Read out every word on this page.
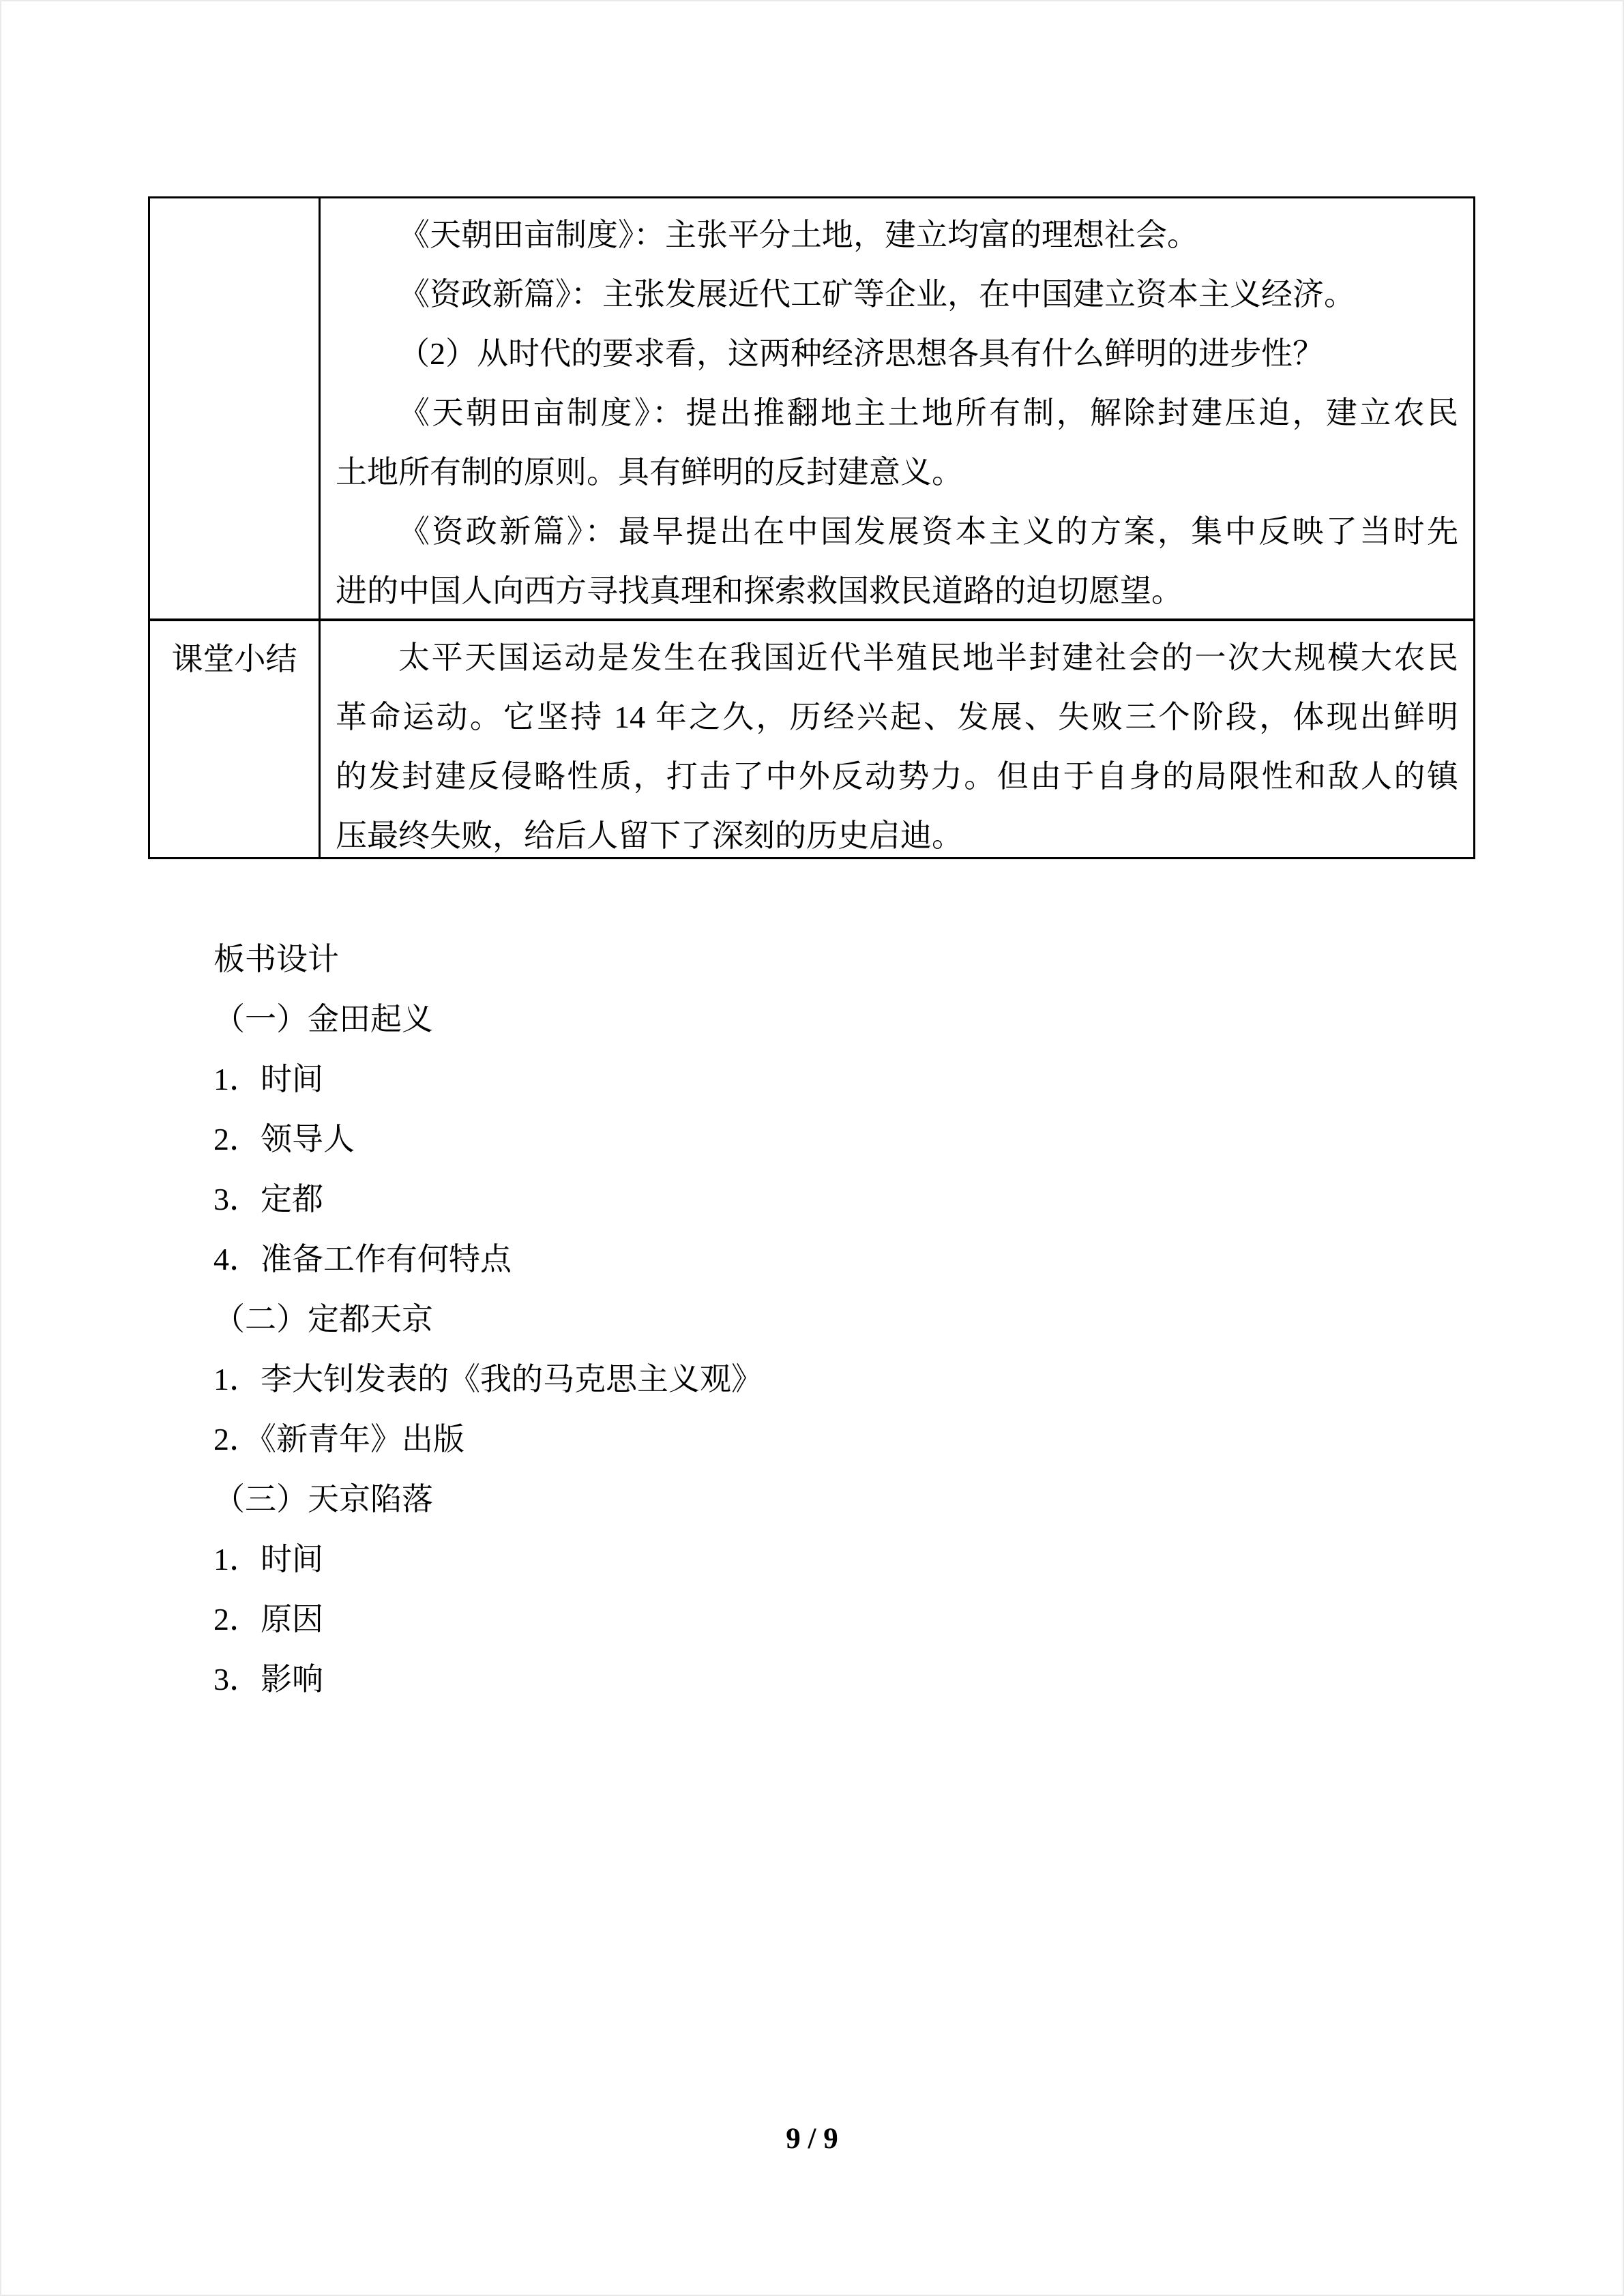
《天朝田亩制度》：主张平分土地，建立均富的理想社会。
《资政新篇》：主张发展近代工矿等企业，在中国建立资本主义经济。
（2）从时代的要求看，这两种经济思想各具有什么鲜明的进步性？
《天朝田亩制度》：提出推翻地主土地所有制，解除封建压迫，建立农民
土地所有制的原则。具有鲜明的反封建意义。
《资政新篇》：最早提出在中国发展资本主义的方案，集中反映了当时先
进的中国人向西方寻找真理和探索救国救民道路的迫切愿望。
课堂小结	太平天国运动是发生在我国近代半殖民地半封建社会的一次大规模大农民
革命运动。它坚持 14 年之久，历经兴起、发展、失败三个阶段，体现出鲜明
的发封建反侵略性质，打击了中外反动势力。但由于自身的局限性和敌人的镇
压最终失败，给后人留下了深刻的历史启迪。
板书设计
（一）金田起义
1．时间
2．领导人
3．定都
4．准备工作有何特点
（二）定都天京
1．李大钊发表的《我的马克思主义观》
2．《新青年》出版
（三）天京陷落
1．时间
2．原因
3．影响
9 / 9
